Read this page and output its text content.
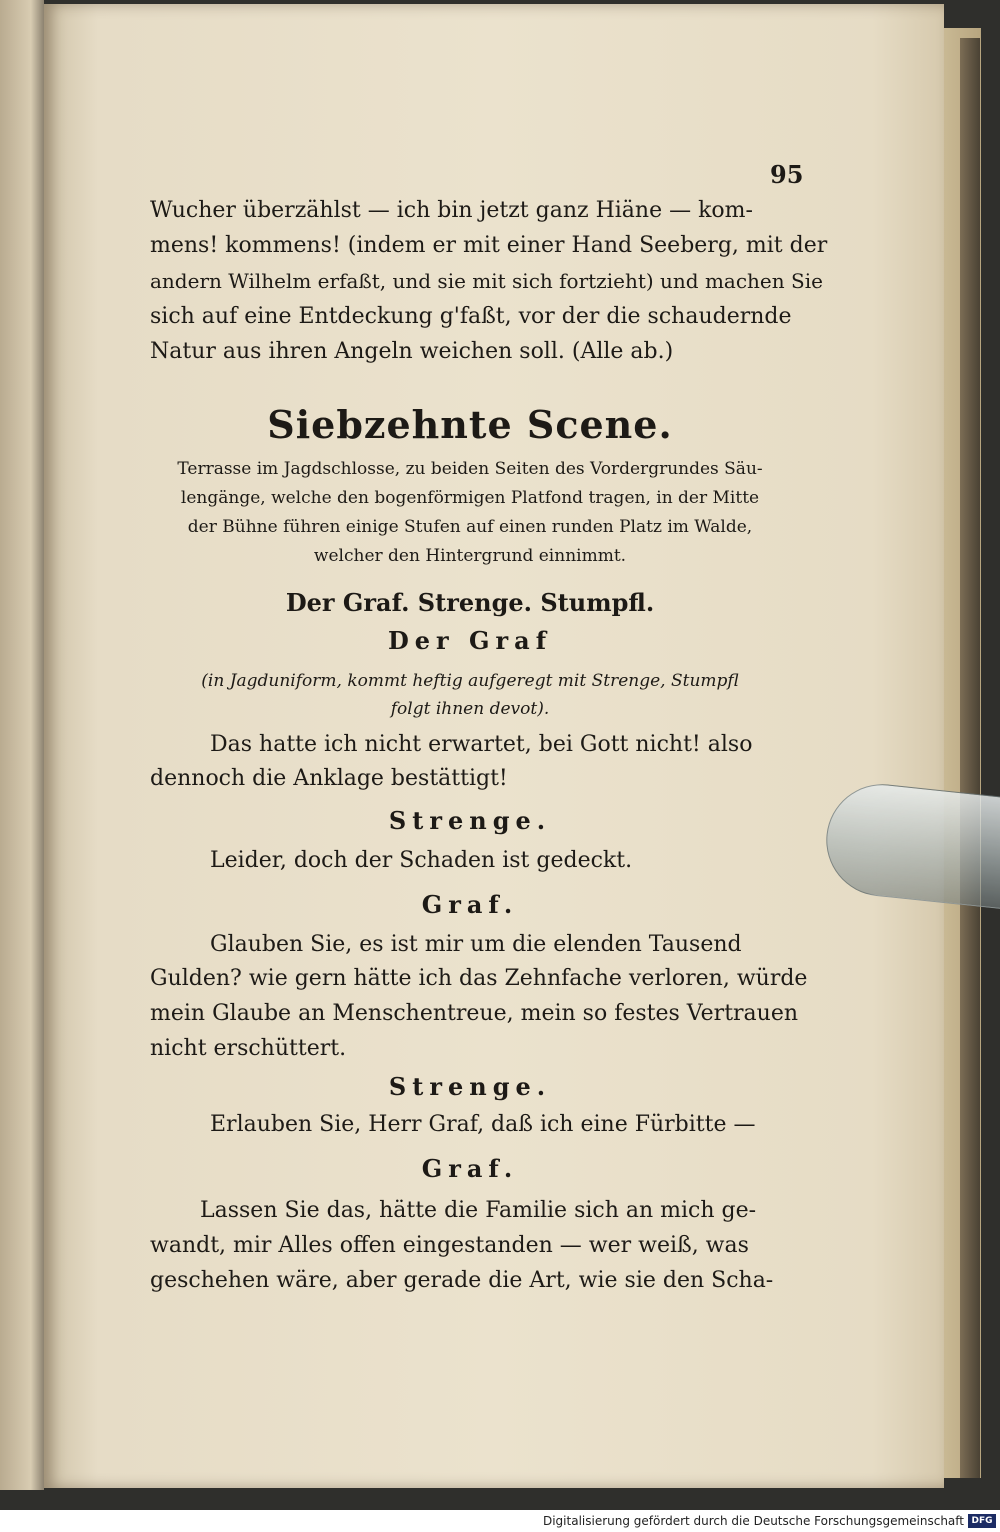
95
Wucher überzählst — ich bin jetzt ganz Hiäne — kom-
mens! kommens! (indem er mit einer Hand Seeberg, mit der
andern Wilhelm erfaßt, und sie mit sich fortzieht) und machen Sie
sich auf eine Entdeckung g'faßt, vor der die schaudernde
Natur aus ihren Angeln weichen soll. (Alle ab.)
Siebzehnte Scene.
Terrasse im Jagdschlosse, zu beiden Seiten des Vordergrundes Säu-
lengänge, welche den bogenförmigen Platfond tragen, in der Mitte
der Bühne führen einige Stufen auf einen runden Platz im Walde,
welcher den Hintergrund einnimmt.
Der Graf. Strenge. Stumpfl.
Der Graf
(in Jagduniform, kommt heftig aufgeregt mit Strenge, Stumpfl
folgt ihnen devot).
Das hatte ich nicht erwartet, bei Gott nicht! also
dennoch die Anklage bestättigt!
Strenge.
Leider, doch der Schaden ist gedeckt.
Graf.
Glauben Sie, es ist mir um die elenden Tausend
Gulden? wie gern hätte ich das Zehnfache verloren, würde
mein Glaube an Menschentreue, mein so festes Vertrauen
nicht erschüttert.
Strenge.
Erlauben Sie, Herr Graf, daß ich eine Fürbitte —
Graf.
Lassen Sie das, hätte die Familie sich an mich ge-
wandt, mir Alles offen eingestanden — wer weiß, was
geschehen wäre, aber gerade die Art, wie sie den Scha-
Digitalisierung gefördert durch die Deutsche Forschungsgemeinschaft DFG
